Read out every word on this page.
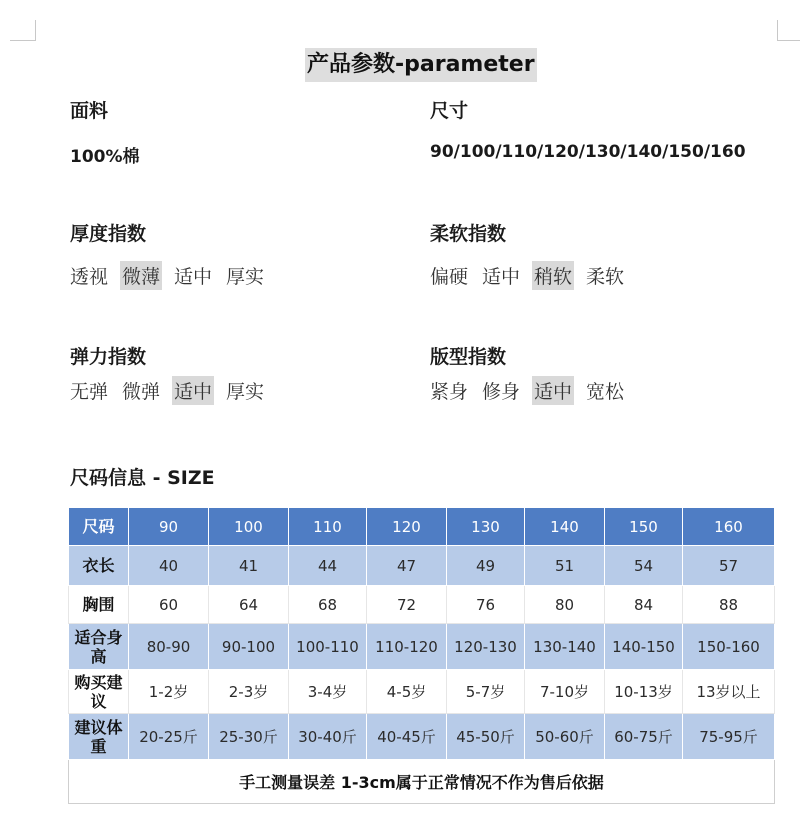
产品参数-parameter
面料
100%棉
尺寸
90/100/110/120/130/140/150/160
厚度指数
透视 微薄 适中 厚实
柔软指数
偏硬 适中 稍软 柔软
弹力指数
无弹 微弹 适中 厚实
版型指数
紧身 修身 适中 宽松
尺码信息 - SIZE
尺码	90	100	110	120	130	140	150	160
衣长	40	41	44	47	49	51	54	57
胸围	60	64	68	72	76	80	84	88
适合身高	80-90	90-100	100-110	110-120	120-130	130-140	140-150	150-160
购买建议	1-2岁	2-3岁	3-4岁	4-5岁	5-7岁	7-10岁	10-13岁	13岁以上
建议体重	20-25斤	25-30斤	30-40斤	40-45斤	45-50斤	50-60斤	60-75斤	75-95斤
手工测量误差 1-3cm属于正常情况不作为售后依据								
